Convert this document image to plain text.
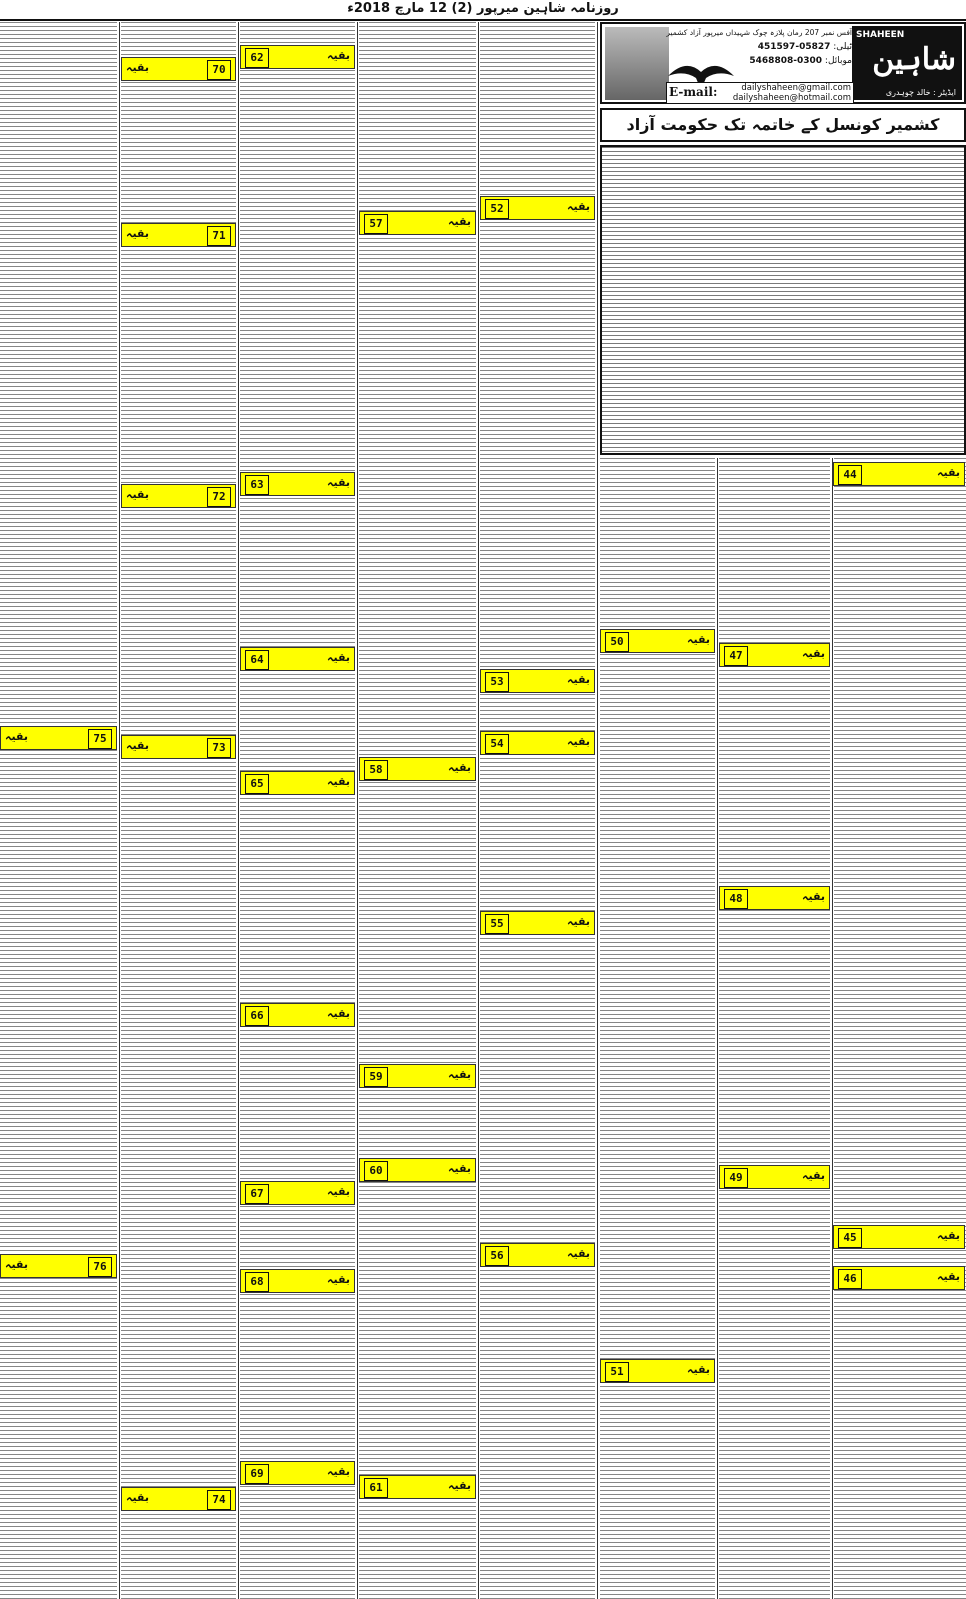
روزنامہ شاہین میرپور (2) 12 مارچ 2018ء
SHAHEEN
شاہین
ایڈیٹر : خالد چوہدری
آفس نمبر 207 رمان پلازہ چوک شہیداں میرپور آزاد کشمیر
ٹیلی: 05827-451597
موبائل: 0300-5468808
E-mail:	dailyshaheen@gmail.com
dailyshaheen@hotmail.com
کشمیر کونسل کے خاتمہ تک حکومت آزاد
44	بقیہ
45	بقیہ
46	بقیہ
47	بقیہ
48	بقیہ
49	بقیہ
50	بقیہ
51	بقیہ
52	بقیہ
53	بقیہ
54	بقیہ
55	بقیہ
56	بقیہ
57	بقیہ
58	بقیہ
59	بقیہ
60	بقیہ
61	بقیہ
62	بقیہ
63	بقیہ
64	بقیہ
65	بقیہ
66	بقیہ
67	بقیہ
68	بقیہ
69	بقیہ
70
بقیہ
71
بقیہ
72
بقیہ
73
بقیہ
74
بقیہ
75
بقیہ
76
بقیہ
